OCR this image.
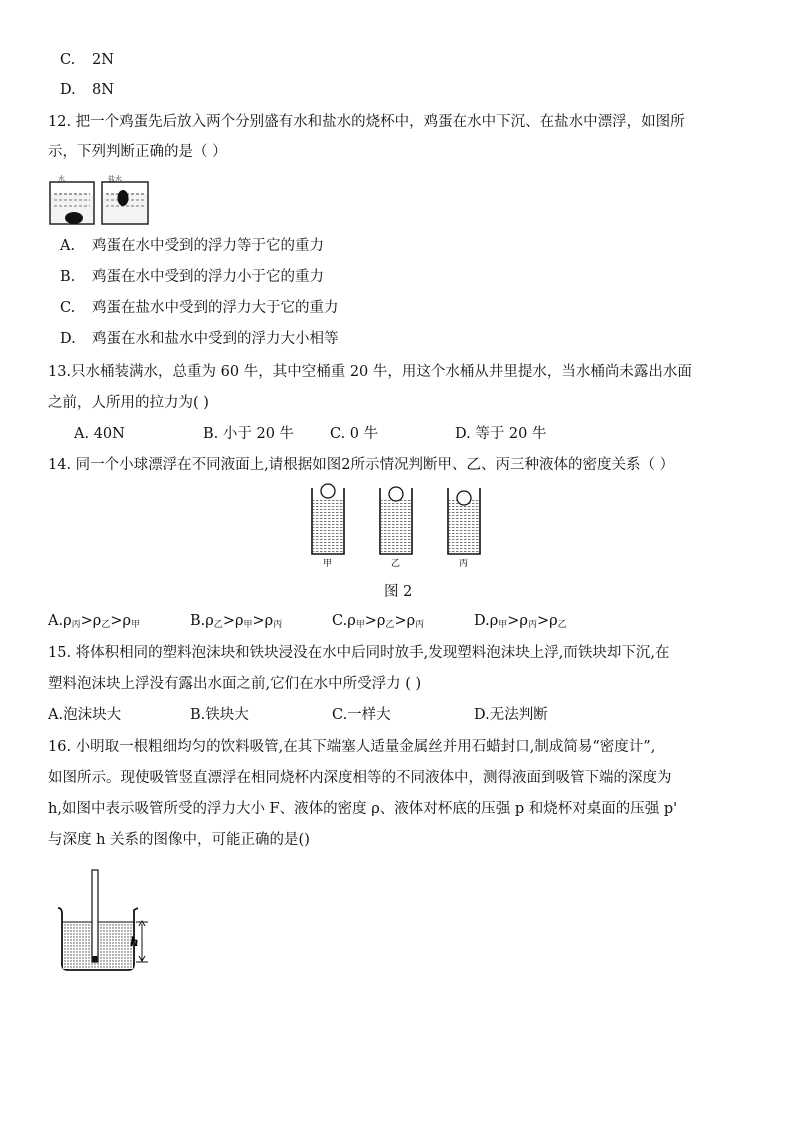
C. 2N
D. 8N
12. 把一个鸡蛋先后放入两个分别盛有水和盐水的烧杯中，鸡蛋在水中下沉、在盐水中漂浮，如图所
示，下列判断正确的是（ ）
水	盐水
A. 鸡蛋在水中受到的浮力等于它的重力
B. 鸡蛋在水中受到的浮力小于它的重力
C. 鸡蛋在盐水中受到的浮力大于它的重力
D. 鸡蛋在水和盐水中受到的浮力大小相等
13.只水桶装满水，总重为 60 牛，其中空桶重 20 牛，用这个水桶从井里提水，当水桶尚未露出水面
之前，人所用的拉力为( )
A. 40N	B. 小于 20 牛 C. 0 牛	D. 等于 20 牛
14. 同一个小球漂浮在不同液面上,请根据如图2所示情况判断甲、乙、丙三种液体的密度关系（ ）
甲	乙	丙
图 2
$A.\rho_丙>\rho_乙>\rho_甲$	$B.\rho_乙>\rho_甲>\rho_丙$	$C.\rho_甲>\rho_乙>\rho_丙$	$D.\rho_甲>\rho_丙>\rho_乙$
15. 将体积相同的塑料泡沫块和铁块浸没在水中后同时放手,发现塑料泡沫块上浮,而铁块却下沉,在
塑料泡沫块上浮没有露出水面之前,它们在水中所受浮力 ( )
A.泡沫块大	B.铁块大	C.一样大	D.无法判断
16. 小明取一根粗细均匀的饮料吸管,在其下端塞人适量金属丝并用石蜡封口,制成简易“密度计”,
如图所示。现使吸管竖直漂浮在相同烧杯内深度相等的不同液体中，测得液面到吸管下端的深度为
h,如图中表示吸管所受的浮力大小 F、液体的密度 ρ、液体对杯底的压强 p 和烧杯对桌面的压强 p'
与深度 h 关系的图像中，可能正确的是()
h
